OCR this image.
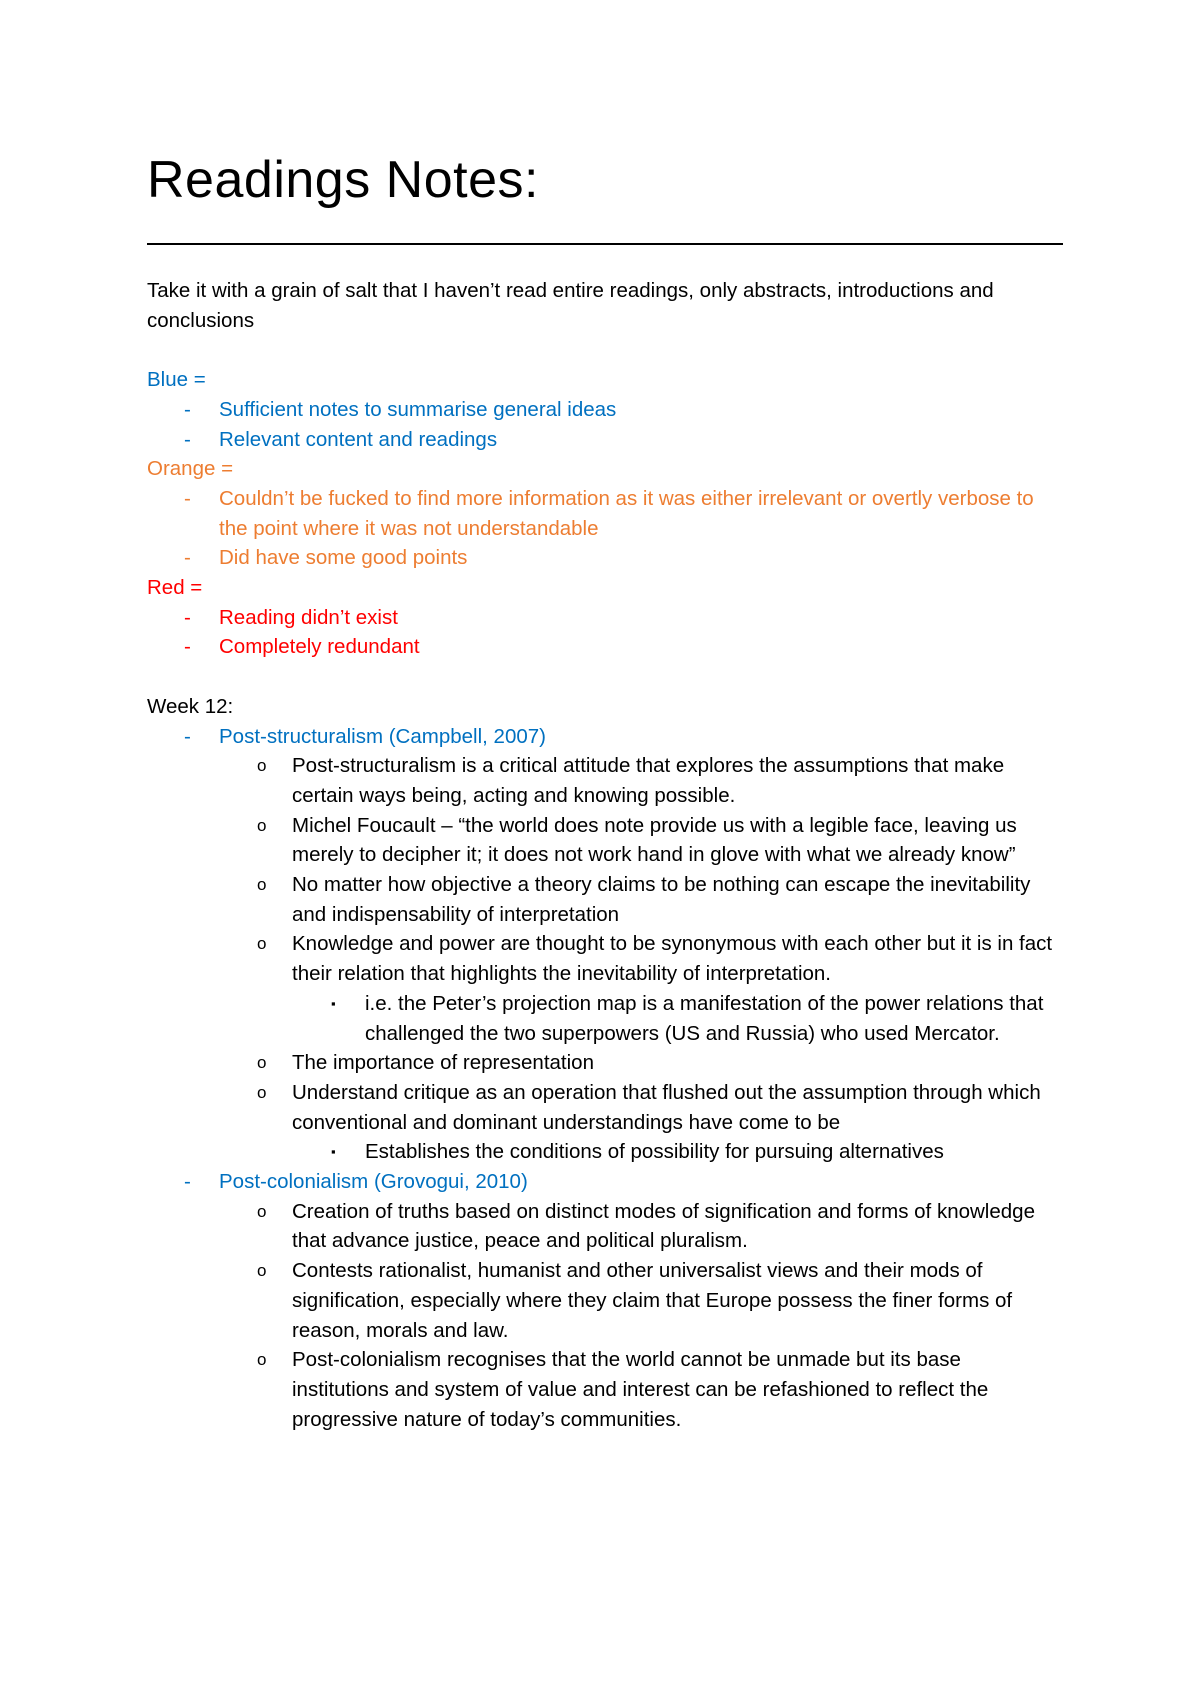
Readings Notes:

Take it with a grain of salt that I haven’t read entire readings, only abstracts, introductions and conclusions

Blue =

- Sufficient notes to summarise general ideas
- Relevant content and readings

Orange =

- Couldn’t be fucked to find more information as it was either irrelevant or overtly verbose to the point where it was not understandable
- Did have some good points

Red =

- Reading didn’t exist
- Completely redundant

Week 12:

- Post-structuralism (Campbell, 2007)
o Post-structuralism is a critical attitude that explores the assumptions that make certain ways being, acting and knowing possible.
o Michel Foucault – “the world does note provide us with a legible face, leaving us merely to decipher it; it does not work hand in glove with what we already know”
o No matter how objective a theory claims to be nothing can escape the inevitability and indispensability of interpretation
o Knowledge and power are thought to be synonymous with each other but it is in fact their relation that highlights the inevitability of interpretation.
▪ i.e. the Peter’s projection map is a manifestation of the power relations that challenged the two superpowers (US and Russia) who used Mercator.
o The importance of representation
o Understand critique as an operation that flushed out the assumption through which conventional and dominant understandings have come to be
▪ Establishes the conditions of possibility for pursuing alternatives
- Post-colonialism (Grovogui, 2010)
o Creation of truths based on distinct modes of signification and forms of knowledge that advance justice, peace and political pluralism.
o Contests rationalist, humanist and other universalist views and their mods of signification, especially where they claim that Europe possess the finer forms of reason, morals and law.
o Post-colonialism recognises that the world cannot be unmade but its base institutions and system of value and interest can be refashioned to reflect the progressive nature of today’s communities.
